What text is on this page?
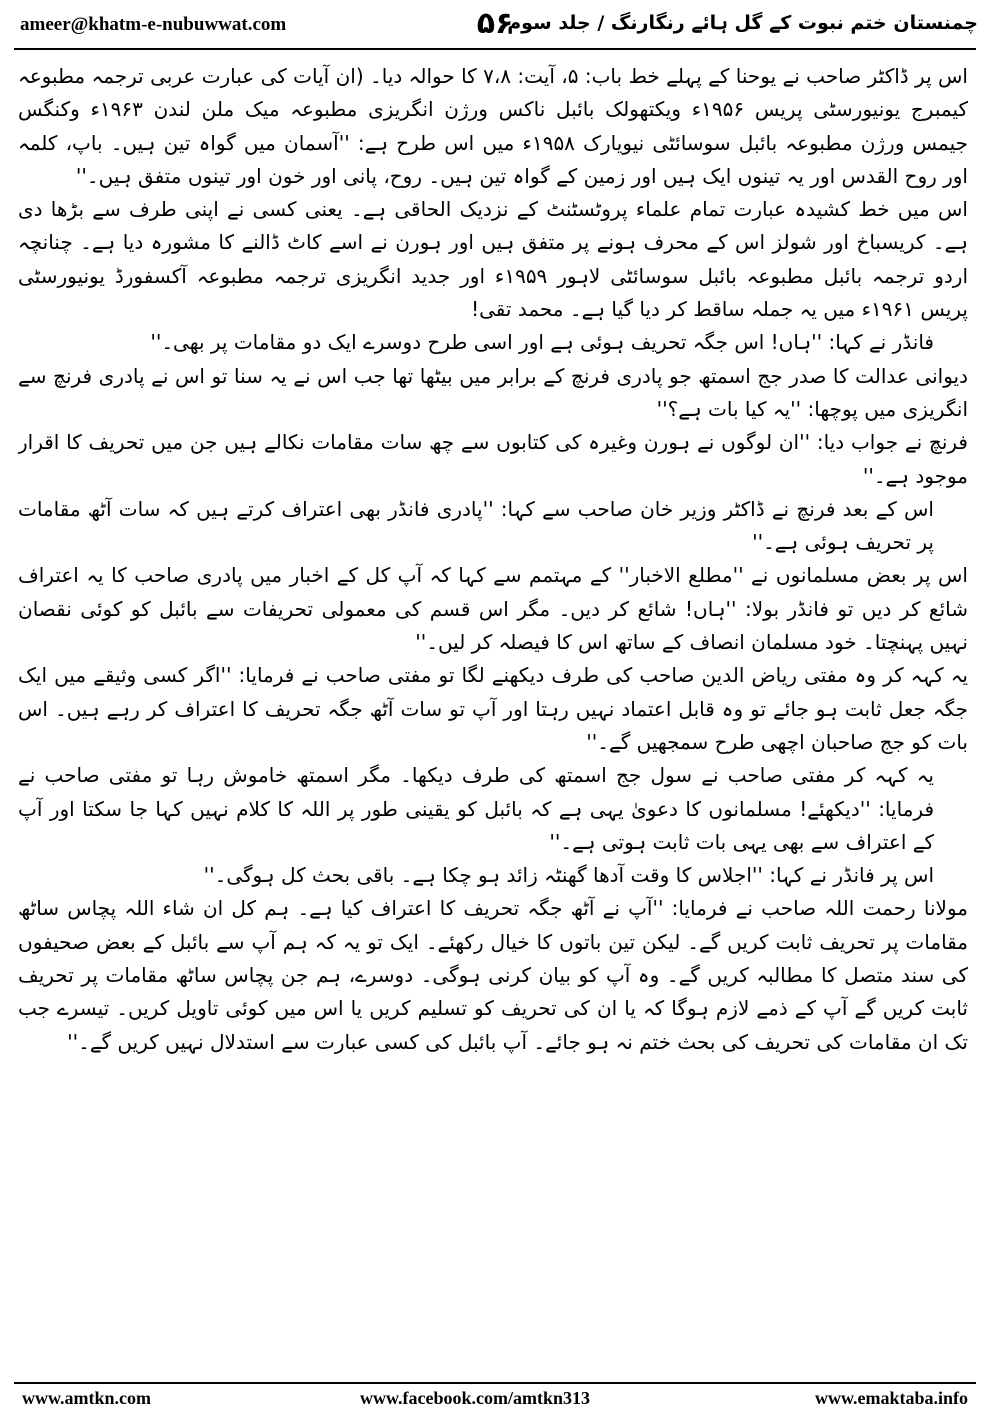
ameer@khatm-e-nubuwwat.com	۵۶
چمنستان ختم نبوت کے گل ہائے رنگارنگ / جلد سوم

اس پر ڈاکٹر صاحب نے یوحنا کے پہلے خط باب: ۵، آیت: ۷،۸ کا حوالہ دیا۔ (ان آیات کی عبارت عربی ترجمہ مطبوعہ کیمبرج یونیورسٹی پریس ۱۹۵۶ء ویکتھولک بائبل ناکس ورژن انگریزی مطبوعہ میک ملن لندن ۱۹۶۳ء وکنگس جیمس ورژن مطبوعہ بائبل سوسائٹی نیویارک ۱۹۵۸ء میں اس طرح ہے: ''آسمان میں گواہ تین ہیں۔ باپ، کلمہ اور روح القدس اور یہ تینوں ایک ہیں اور زمین کے گواہ تین ہیں۔ روح، پانی اور خون اور تینوں متفق ہیں۔''

اس میں خط کشیدہ عبارت تمام علماء پروٹسٹنٹ کے نزدیک الحاقی ہے۔ یعنی کسی نے اپنی طرف سے بڑھا دی ہے۔ کریسباخ اور شولز اس کے محرف ہونے پر متفق ہیں اور ہورن نے اسے کاٹ ڈالنے کا مشورہ دیا ہے۔ چنانچہ اردو ترجمہ بائبل مطبوعہ بائبل سوسائٹی لاہور ۱۹۵۹ء اور جدید انگریزی ترجمہ مطبوعہ آکسفورڈ یونیورسٹی پریس ۱۹۶۱ء میں یہ جملہ ساقط کر دیا گیا ہے۔ محمد تقی!

فانڈر نے کہا: ''ہاں! اس جگہ تحریف ہوئی ہے اور اسی طرح دوسرے ایک دو مقامات پر بھی۔''

دیوانی عدالت کا صدر جج اسمتھ جو پادری فرنچ کے برابر میں بیٹھا تھا جب اس نے یہ سنا تو اس نے پادری فرنچ سے انگریزی میں پوچھا: ''یہ کیا بات ہے؟''

فرنچ نے جواب دیا: ''ان لوگوں نے ہورن وغیرہ کی کتابوں سے چھ سات مقامات نکالے ہیں جن میں تحریف کا اقرار موجود ہے۔''

اس کے بعد فرنچ نے ڈاکٹر وزیر خان صاحب سے کہا: ''پادری فانڈر بھی اعتراف کرتے ہیں کہ سات آٹھ مقامات پر تحریف ہوئی ہے۔''

اس پر بعض مسلمانوں نے ''مطلع الاخبار'' کے مہتمم سے کہا کہ آپ کل کے اخبار میں پادری صاحب کا یہ اعتراف شائع کر دیں تو فانڈر بولا: ''ہاں! شائع کر دیں۔ مگر اس قسم کی معمولی تحریفات سے بائبل کو کوئی نقصان نہیں پہنچتا۔ خود مسلمان انصاف کے ساتھ اس کا فیصلہ کر لیں۔''

یہ کہہ کر وہ مفتی ریاض الدین صاحب کی طرف دیکھنے لگا تو مفتی صاحب نے فرمایا: ''اگر کسی وثیقے میں ایک جگہ جعل ثابت ہو جائے تو وہ قابل اعتماد نہیں رہتا اور آپ تو سات آٹھ جگہ تحریف کا اعتراف کر رہے ہیں۔ اس بات کو جج صاحبان اچھی طرح سمجھیں گے۔''

یہ کہہ کر مفتی صاحب نے سول جج اسمتھ کی طرف دیکھا۔ مگر اسمتھ خاموش رہا تو مفتی صاحب نے فرمایا: ''دیکھئے! مسلمانوں کا دعویٰ یہی ہے کہ بائبل کو یقینی طور پر اللہ کا کلام نہیں کہا جا سکتا اور آپ کے اعتراف سے بھی یہی بات ثابت ہوتی ہے۔''

اس پر فانڈر نے کہا: ''اجلاس کا وقت آدھا گھنٹہ زائد ہو چکا ہے۔ باقی بحث کل ہوگی۔''

مولانا رحمت اللہ صاحب نے فرمایا: ''آپ نے آٹھ جگہ تحریف کا اعتراف کیا ہے۔ ہم کل ان شاء اللہ پچاس ساٹھ مقامات پر تحریف ثابت کریں گے۔ لیکن تین باتوں کا خیال رکھئے۔ ایک تو یہ کہ ہم آپ سے بائبل کے بعض صحیفوں کی سند متصل کا مطالبہ کریں گے۔ وہ آپ کو بیان کرنی ہوگی۔ دوسرے، ہم جن پچاس ساٹھ مقامات پر تحریف ثابت کریں گے آپ کے ذمے لازم ہوگا کہ یا ان کی تحریف کو تسلیم کریں یا اس میں کوئی تاویل کریں۔ تیسرے جب تک ان مقامات کی تحریف کی بحث ختم نہ ہو جائے۔ آپ بائبل کی کسی عبارت سے استدلال نہیں کریں گے۔''

www.amtkn.com	www.facebook.com/amtkn313	www.emaktaba.info
